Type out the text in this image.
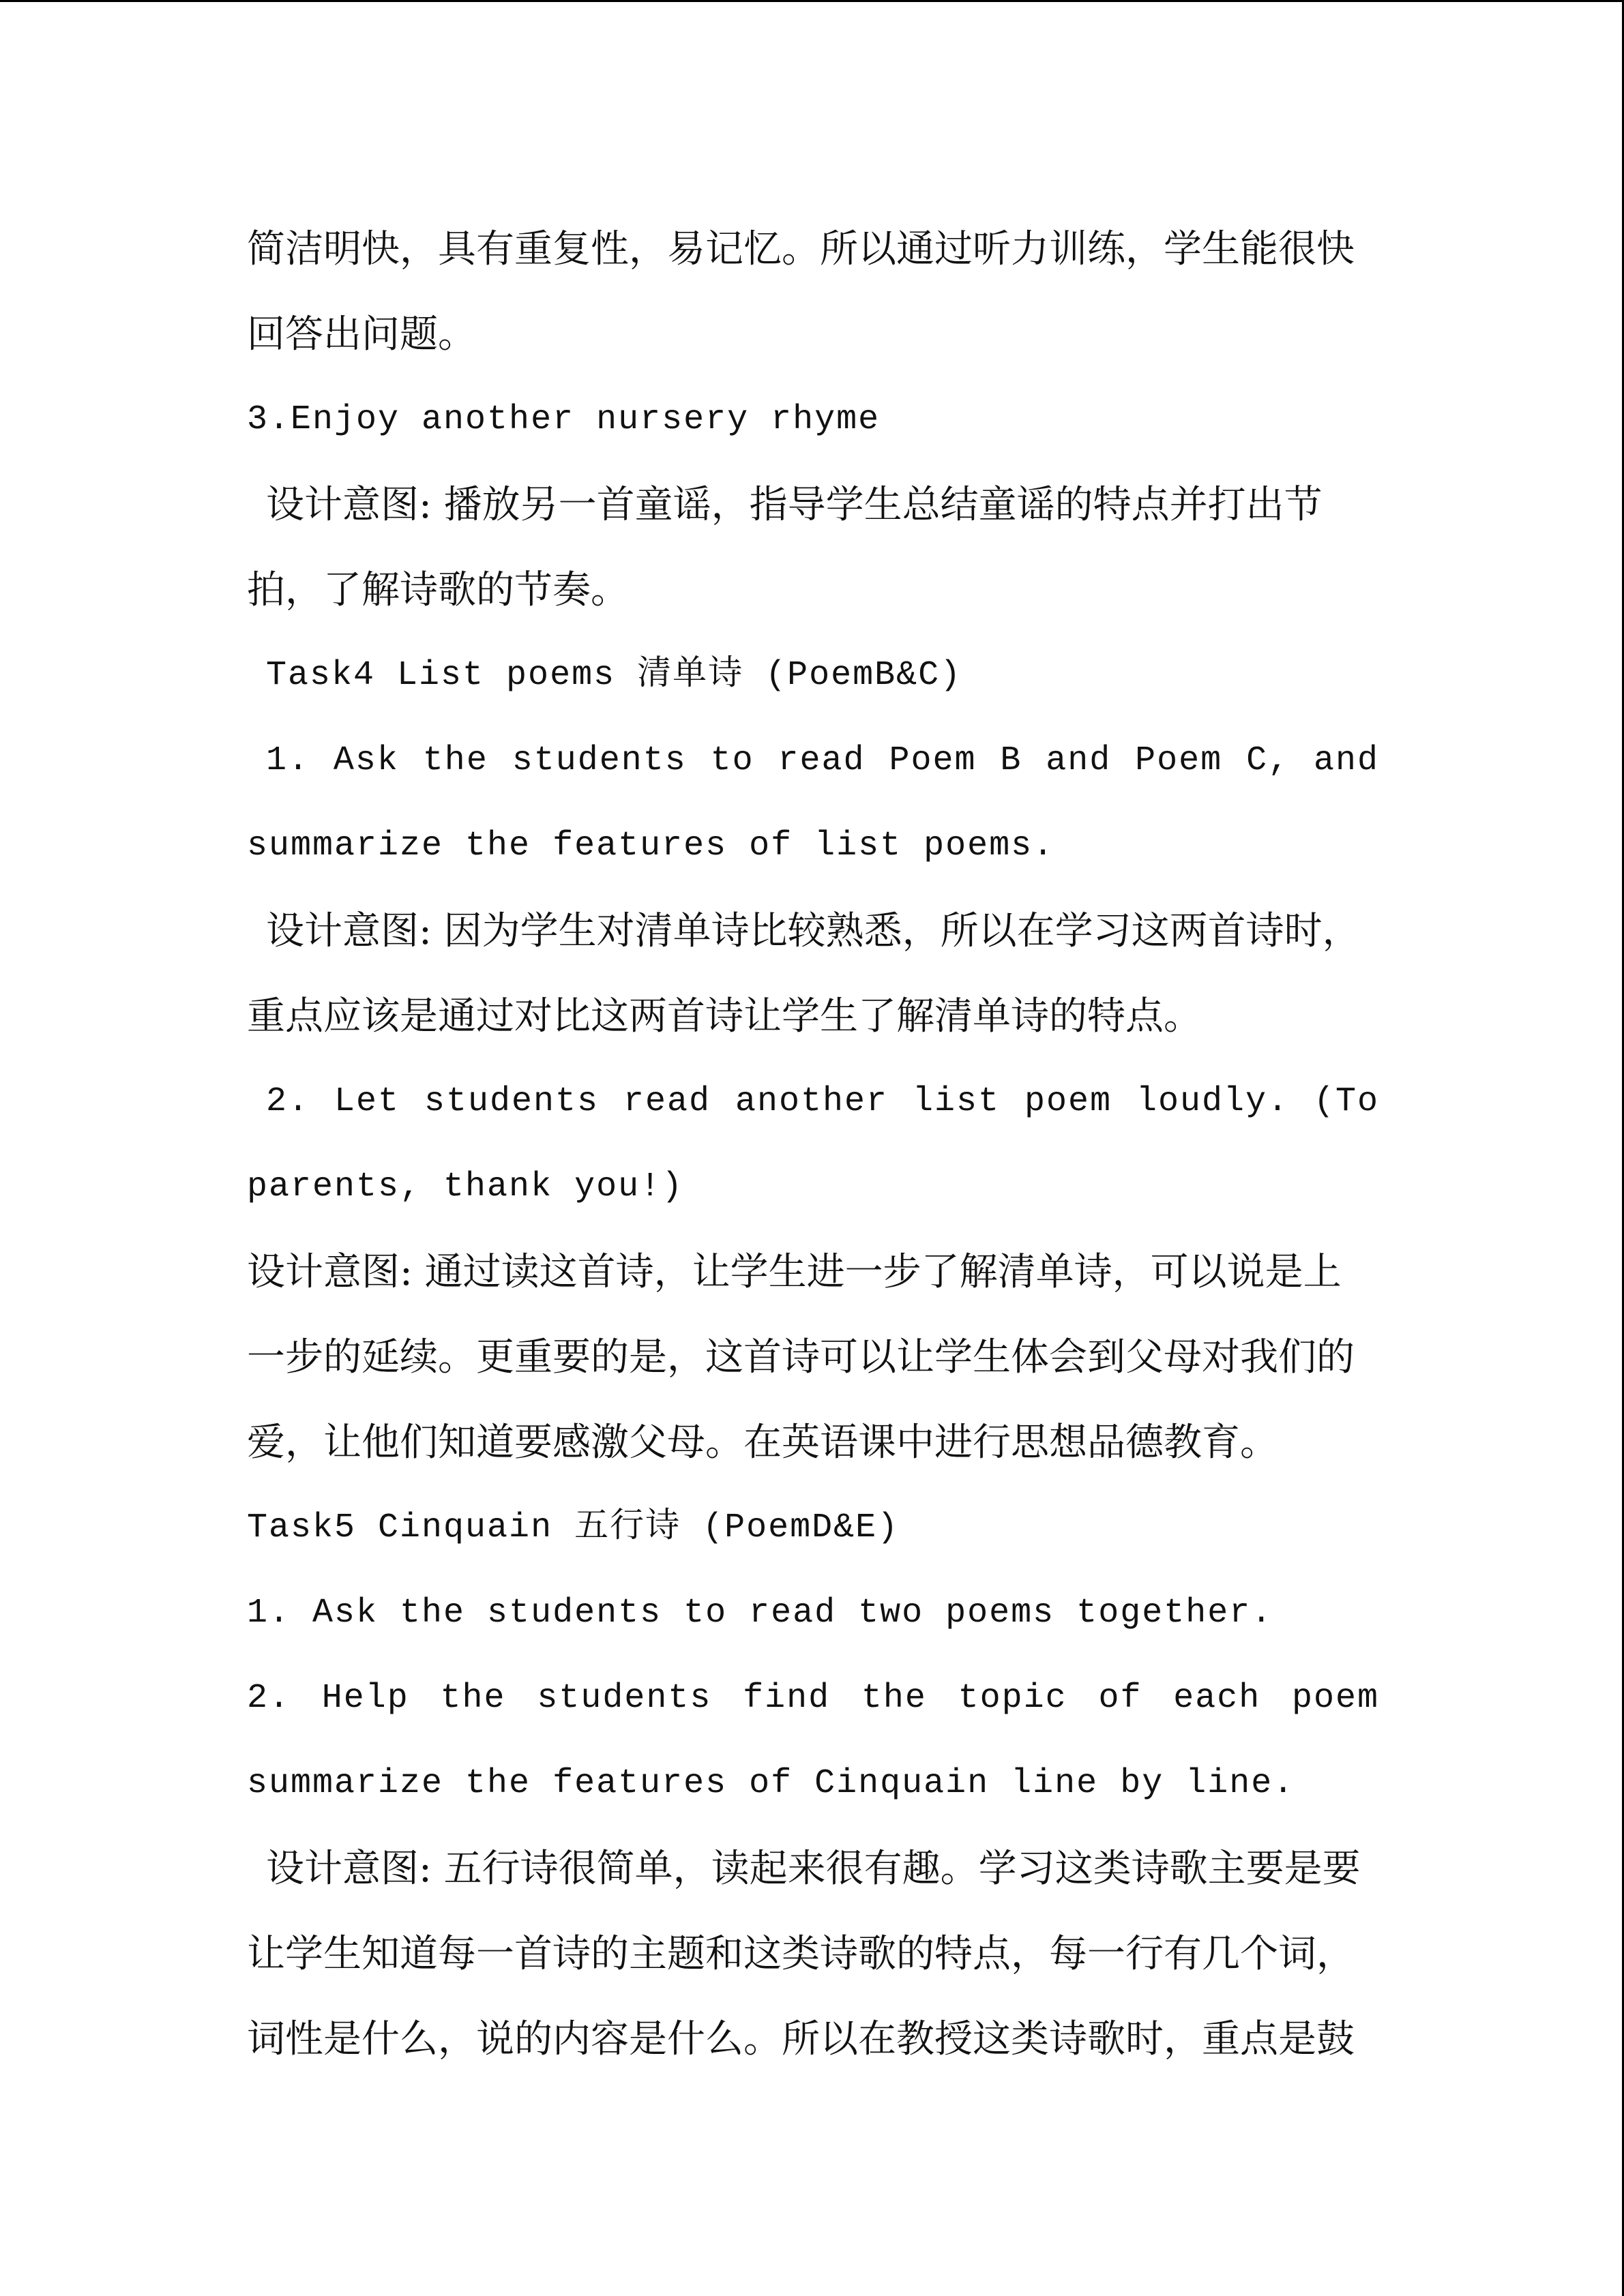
简洁明快，具有重复性，易记忆。所以通过听力训练，学生能很快
回答出问题。
3.Enjoy another nursery rhyme
设计意图: 播放另一首童谣，指导学生总结童谣的特点并打出节
拍，了解诗歌的节奏。
Task4 List poems 清单诗 (PoemB&C)
1. Ask the students to read Poem B and Poem C, and
summarize the features of list poems.
设计意图: 因为学生对清单诗比较熟悉，所以在学习这两首诗时，
重点应该是通过对比这两首诗让学生了解清单诗的特点。
2. Let students read another list poem loudly. (To
parents, thank you!)
设计意图: 通过读这首诗，让学生进一步了解清单诗，可以说是上
一步的延续。更重要的是，这首诗可以让学生体会到父母对我们的
爱，让他们知道要感激父母。在英语课中进行思想品德教育。
Task5 Cinquain 五行诗 (PoemD&E)
1. Ask the students to read two poems together.
2. Help the students find the topic of each poem
summarize the features of Cinquain line by line.
设计意图: 五行诗很简单，读起来很有趣。学习这类诗歌主要是要
让学生知道每一首诗的主题和这类诗歌的特点，每一行有几个词，
词性是什么，说的内容是什么。所以在教授这类诗歌时，重点是鼓
